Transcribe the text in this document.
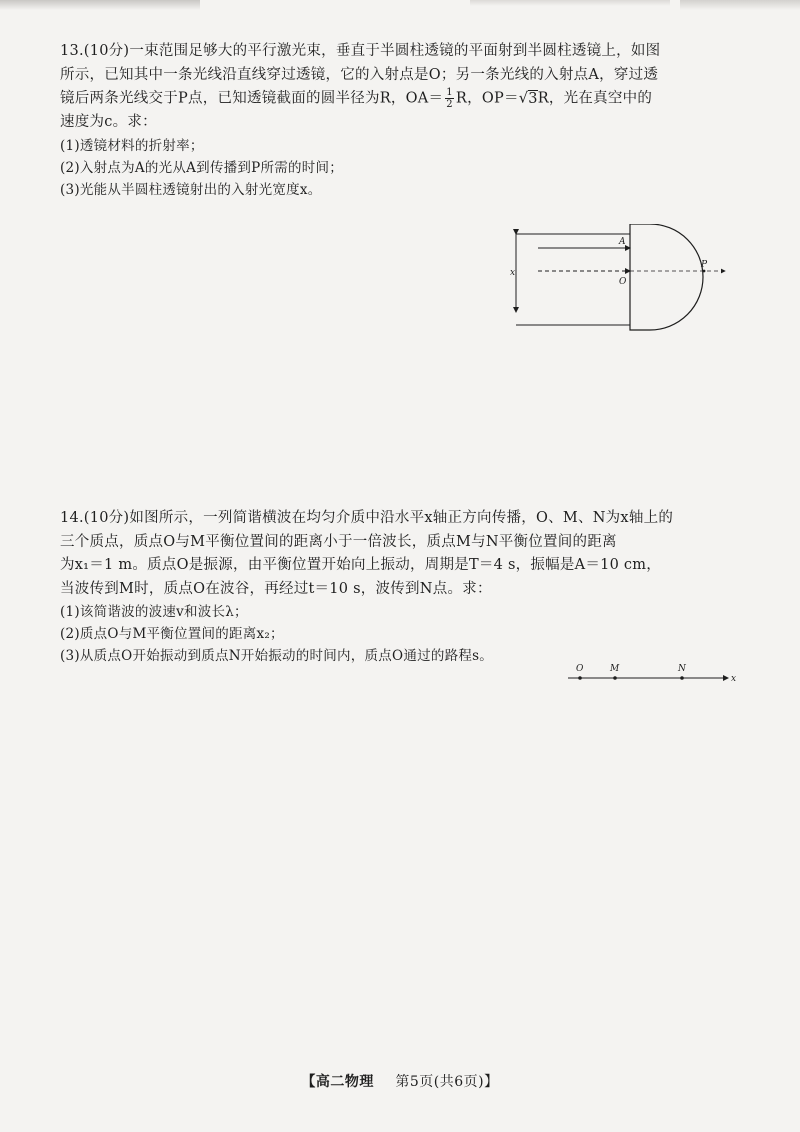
13.(10分)一束范围足够大的平行激光束，垂直于半圆柱透镜的平面射到半圆柱透镜上，如图
所示，已知其中一条光线沿直线穿过透镜，它的入射点是O；另一条光线的入射点A，穿过透
镜后两条光线交于P点，已知透镜截面的圆半径为R，$OA= \frac{1}{2}$ R，OP＝√3R，光在真空中的
速度为c。求：
(1)透镜材料的折射率；
(2)入射点为A的光从A到传播到P所需的时间；
(3)光能从半圆柱透镜射出的入射光宽度x。
x
A
O
P
14.(10分)如图所示，一列简谐横波在均匀介质中沿水平x轴正方向传播，O、M、N为x轴上的
三个质点，质点O与M平衡位置间的距离小于一倍波长，质点M与N平衡位置间的距离
为x₁＝1 m。质点O是振源，由平衡位置开始向上振动，周期是T＝4 s，振幅是A＝10 cm，
当波传到M时，质点O在波谷，再经过t＝10 s，波传到N点。求：
(1)该简谐波的波速v和波长λ；
(2)质点O与M平衡位置间的距离x₂；
(3)从质点O开始振动到质点N开始振动的时间内，质点O通过的路程s。
O	M	N
x
【高二物理 第5页(共6页)】
